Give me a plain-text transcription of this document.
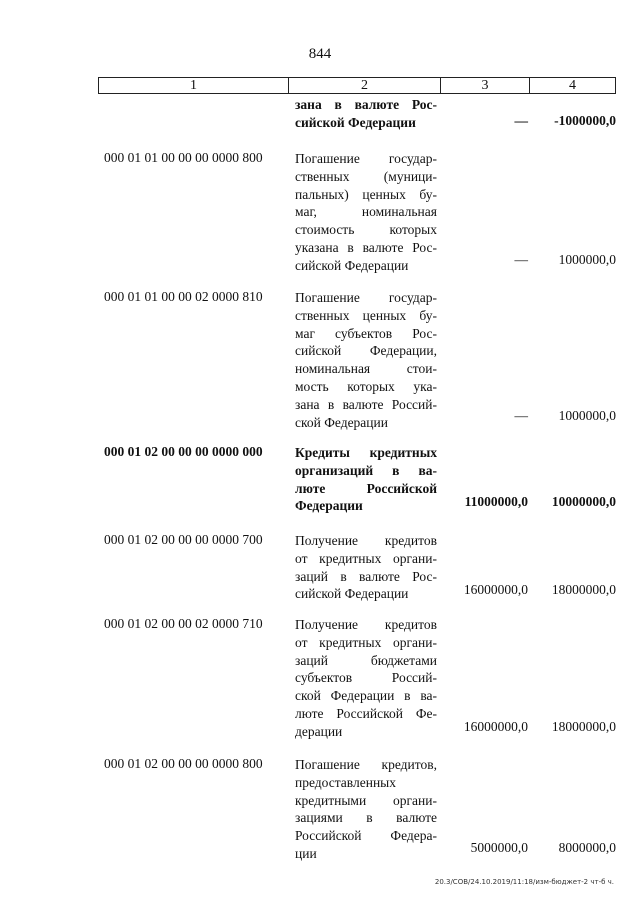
844
1	2	3	4
зана в валюте Рос-
сийской Федерации	—	-1000000,0
000 01 01 00 00 00 0000 800 Погашение государ-
ственных (муници-
пальных) ценных бу-
маг, номинальная
стоимость которых
указана в валюте Рос-
сийской Федерации	—	1000000,0
000 01 01 00 00 02 0000 810 Погашение государ-
ственных ценных бу-
маг субъектов Рос-
сийской Федерации,
номинальная стои-
мость которых ука-
зана в валюте Россий-
ской Федерации	—	1000000,0
000 01 02 00 00 00 0000 000 Кредиты кредитных
организаций в ва-
люте Российской
Федерации	11000000,0	10000000,0
000 01 02 00 00 00 0000 700 Получение кредитов
от кредитных органи-
заций в валюте Рос-
сийской Федерации	16000000,0	18000000,0
000 01 02 00 00 02 0000 710 Получение кредитов
от кредитных органи-
заций бюджетами
субъектов Россий-
ской Федерации в ва-
люте Российской Фе-
дерации	16000000,0	18000000,0
000 01 02 00 00 00 0000 800 Погашение кредитов,
предоставленных
кредитными органи-
зациями в валюте
Российской Федера-
ции	5000000,0	8000000,0
20.3/СОВ/24.10.2019/11:18/изм-бюджет-2 чт-б ч.
